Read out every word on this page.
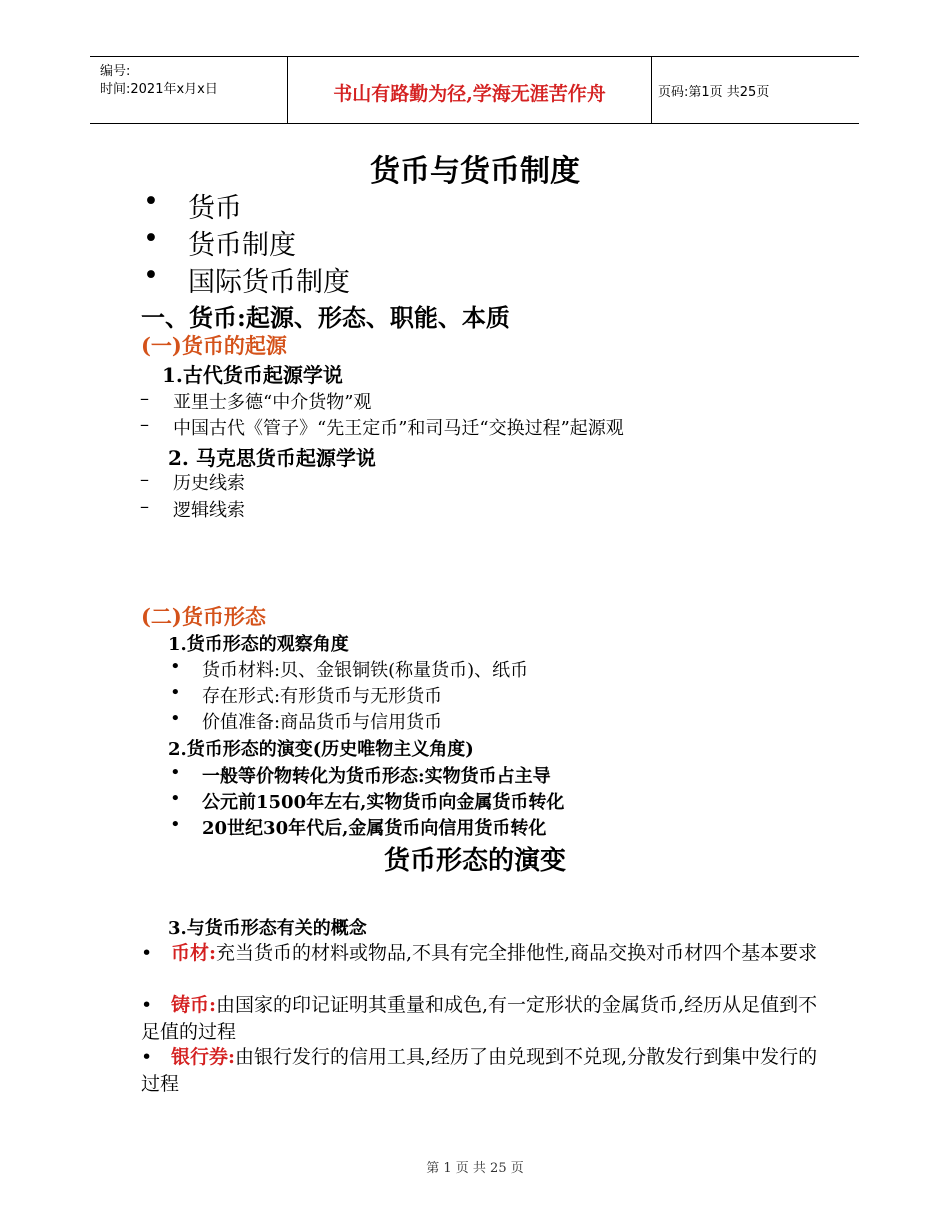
编号:
时间:2021年x月x日	书山有路勤为径,学海无涯苦作舟	页码:第1页 共25页
货币与货币制度
• 货币
• 货币制度
• 国际货币制度
一、货币:起源、形态、职能、本质
(一)货币的起源
1.古代货币起源学说
– 亚里士多德“中介货物”观
– 中国古代《管子》“先王定币”和司马迁“交换过程”起源观
2. 马克思货币起源学说
– 历史线索
– 逻辑线索
(二)货币形态
1.货币形态的观察角度
• 货币材料:贝、金银铜铁(称量货币)、纸币
• 存在形式:有形货币与无形货币
• 价值准备:商品货币与信用货币
2.货币形态的演变(历史唯物主义角度)
• 一般等价物转化为货币形态:实物货币占主导
• 公元前1500年左右,实物货币向金属货币转化
• 20世纪30年代后,金属货币向信用货币转化
货币形态的演变
3.与货币形态有关的概念
• 币材:充当货币的材料或物品,不具有完全排他性,商品交换对币材四个基本要求
• 铸币:由国家的印记证明其重量和成色,有一定形状的金属货币,经历从足值到不足值的过程
• 银行券:由银行发行的信用工具,经历了由兑现到不兑现,分散发行到集中发行的过程
第 1 页 共 25 页
